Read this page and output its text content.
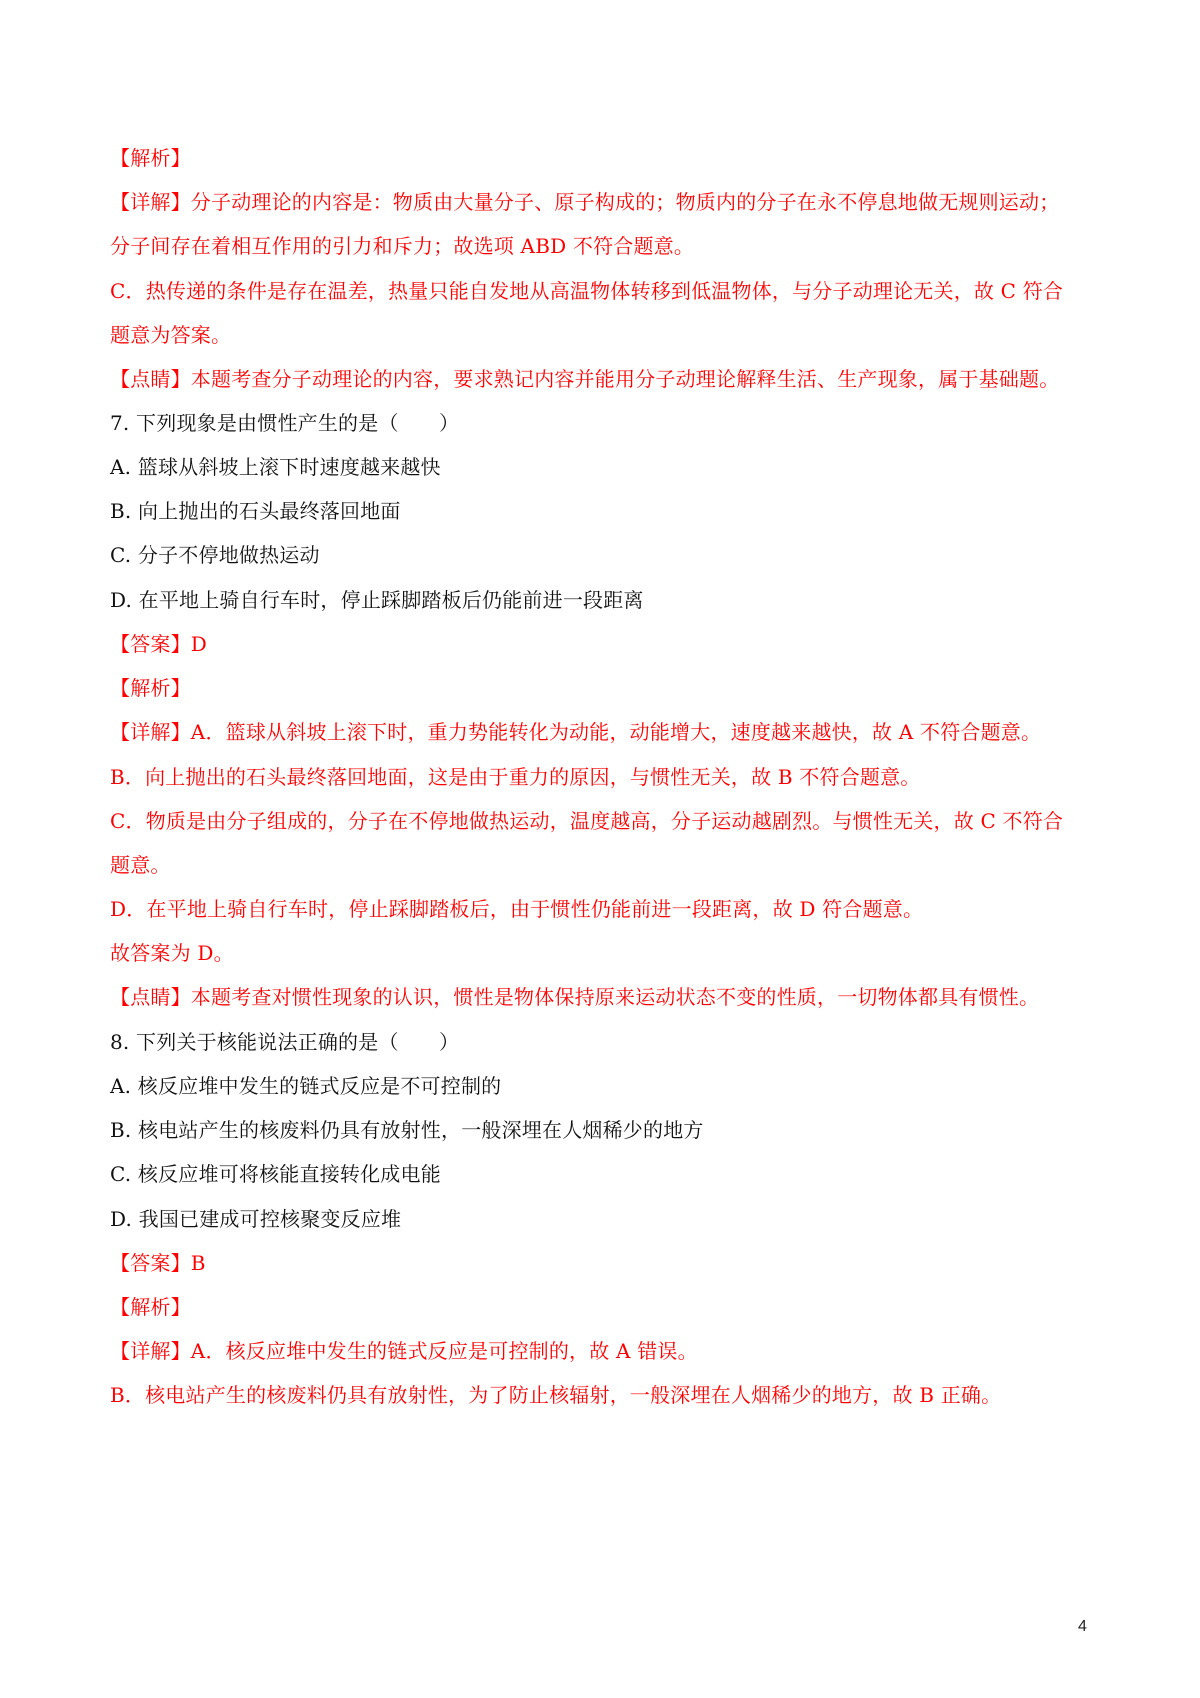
【解析】
【详解】分子动理论的内容是：物质由大量分子、原子构成的；物质内的分子在永不停息地做无规则运动；
分子间存在着相互作用的引力和斥力；故选项 ABD 不符合题意。
C．热传递的条件是存在温差，热量只能自发地从高温物体转移到低温物体，与分子动理论无关，故 C 符合
题意为答案。
【点睛】本题考查分子动理论的内容，要求熟记内容并能用分子动理论解释生活、生产现象，属于基础题。
7. 下列现象是由惯性产生的是（　　）
A. 篮球从斜坡上滚下时速度越来越快
B. 向上抛出的石头最终落回地面
C. 分子不停地做热运动
D. 在平地上骑自行车时，停止踩脚踏板后仍能前进一段距离
【答案】D
【解析】
【详解】A．篮球从斜坡上滚下时，重力势能转化为动能，动能增大，速度越来越快，故 A 不符合题意。
B．向上抛出的石头最终落回地面，这是由于重力的原因，与惯性无关，故 B 不符合题意。
C．物质是由分子组成的，分子在不停地做热运动，温度越高，分子运动越剧烈。与惯性无关，故 C 不符合
题意。
D．在平地上骑自行车时，停止踩脚踏板后，由于惯性仍能前进一段距离，故 D 符合题意。
故答案为 D。
【点睛】本题考查对惯性现象的认识，惯性是物体保持原来运动状态不变的性质，一切物体都具有惯性。
8. 下列关于核能说法正确的是（　　）
A. 核反应堆中发生的链式反应是不可控制的
B. 核电站产生的核废料仍具有放射性，一般深埋在人烟稀少的地方
C. 核反应堆可将核能直接转化成电能
D. 我国已建成可控核聚变反应堆
【答案】B
【解析】
【详解】A．核反应堆中发生的链式反应是可控制的，故 A 错误。
B．核电站产生的核废料仍具有放射性，为了防止核辐射，一般深埋在人烟稀少的地方，故 B 正确。
4
